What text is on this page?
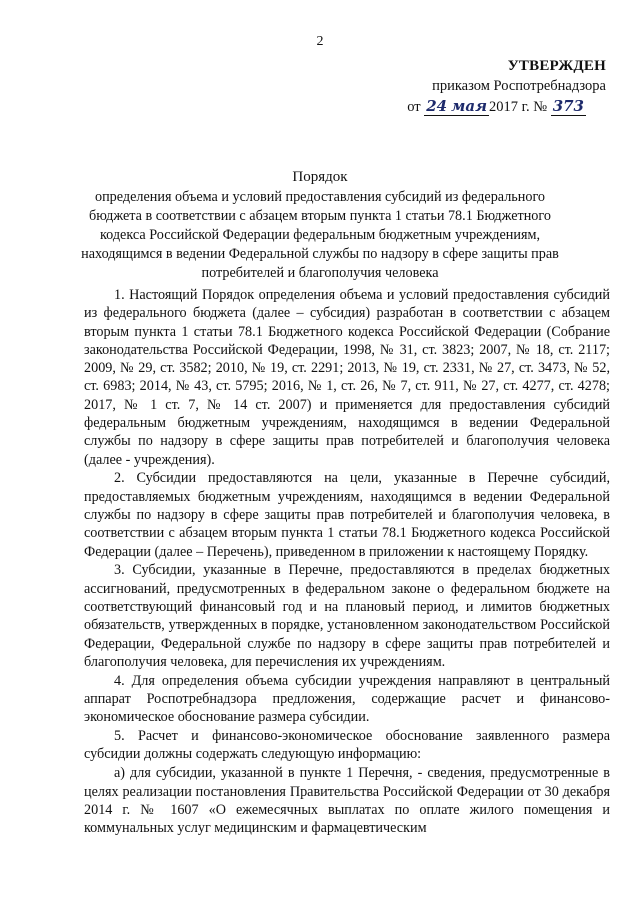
2
УТВЕРЖДЕН
приказом Роспотребнадзора
от 24 мая 2017 г. № 373
Порядок
определения объема и условий предоставления субсидий из федерального бюджета в соответствии с абзацем вторым пункта 1 статьи 78.1 Бюджетного кодекса Российской Федерации федеральным бюджетным учреждениям, находящимся в ведении Федеральной службы по надзору в сфере защиты прав потребителей и благополучия человека

1. Настоящий Порядок определения объема и условий предоставления субсидий из федерального бюджета (далее – субсидия) разработан в соответствии с абзацем вторым пункта 1 статьи 78.1 Бюджетного кодекса Российской Федерации (Собрание законодательства Российской Федерации, 1998, № 31, ст. 3823; 2007, № 18, ст. 2117; 2009, № 29, ст. 3582; 2010, № 19, ст. 2291; 2013, № 19, ст. 2331, № 27, ст. 3473, № 52, ст. 6983; 2014, № 43, ст. 5795; 2016, № 1, ст. 26, № 7, ст. 911, № 27, ст. 4277, ст. 4278; 2017, № 1 ст. 7, № 14 ст. 2007) и применяется для предоставления субсидий федеральным бюджетным учреждениям, находящимся в ведении Федеральной службы по надзору в сфере защиты прав потребителей и благополучия человека (далее - учреждения).

2. Субсидии предоставляются на цели, указанные в Перечне субсидий, предоставляемых бюджетным учреждениям, находящимся в ведении Федеральной службы по надзору в сфере защиты прав потребителей и благополучия человека, в соответствии с абзацем вторым пункта 1 статьи 78.1 Бюджетного кодекса Российской Федерации (далее – Перечень), приведенном в приложении к настоящему Порядку.

3. Субсидии, указанные в Перечне, предоставляются в пределах бюджетных ассигнований, предусмотренных в федеральном законе о федеральном бюджете на соответствующий финансовый год и на плановый период, и лимитов бюджетных обязательств, утвержденных в порядке, установленном законодательством Российской Федерации, Федеральной службе по надзору в сфере защиты прав потребителей и благополучия человека, для перечисления их учреждениям.

4. Для определения объема субсидии учреждения направляют в центральный аппарат Роспотребнадзора предложения, содержащие расчет и финансово-экономическое обоснование размера субсидии.

5. Расчет и финансово-экономическое обоснование заявленного размера субсидии должны содержать следующую информацию:

а) для субсидии, указанной в пункте 1 Перечня, - сведения, предусмотренные в целях реализации постановления Правительства Российской Федерации от 30 декабря 2014 г. № 1607 «О ежемесячных выплатах по оплате жилого помещения и коммунальных услуг медицинским и фармацевтическим
